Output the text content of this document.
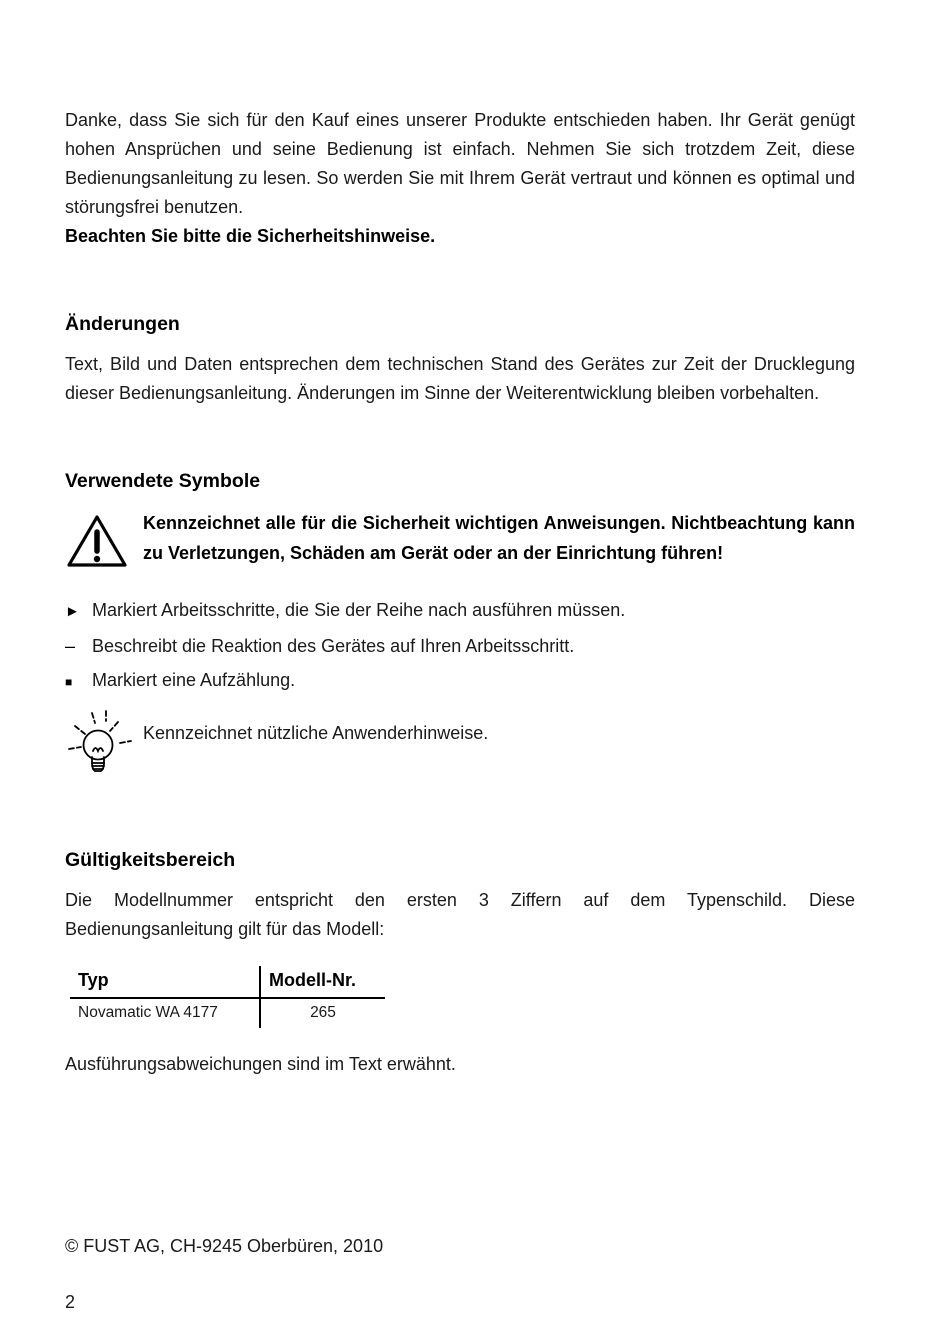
Danke, dass Sie sich für den Kauf eines unserer Produkte entschieden haben. Ihr Gerät genügt hohen Ansprüchen und seine Bedienung ist einfach. Nehmen Sie sich trotzdem Zeit, diese Bedienungsanleitung zu lesen. So werden Sie mit Ihrem Gerät vertraut und können es optimal und störungsfrei benutzen.

Beachten Sie bitte die Sicherheitshinweise.

Änderungen

Text, Bild und Daten entsprechen dem technischen Stand des Gerätes zur Zeit der Drucklegung dieser Bedienungsanleitung. Änderungen im Sinne der Weiterentwicklung bleiben vorbehalten.

Verwendete Symbole

Kennzeichnet alle für die Sicherheit wichtigen Anweisungen. Nichtbeachtung kann zu Verletzungen, Schäden am Gerät oder an der Einrichtung führen!

► Markiert Arbeitsschritte, die Sie der Reihe nach ausführen müssen.
– Beschreibt die Reaktion des Gerätes auf Ihren Arbeitsschritt.
■	Markiert eine Aufzählung.

Kennzeichnet nützliche Anwenderhinweise.

Gültigkeitsbereich

Die Modellnummer entspricht den ersten 3 Ziffern auf dem Typenschild. Diese Bedienungsanleitung gilt für das Modell:

Typ	Modell-Nr.
Novamatic WA 4177	265

Ausführungsabweichungen sind im Text erwähnt.

© FUST AG, CH-9245 Oberbüren, 2010
2
